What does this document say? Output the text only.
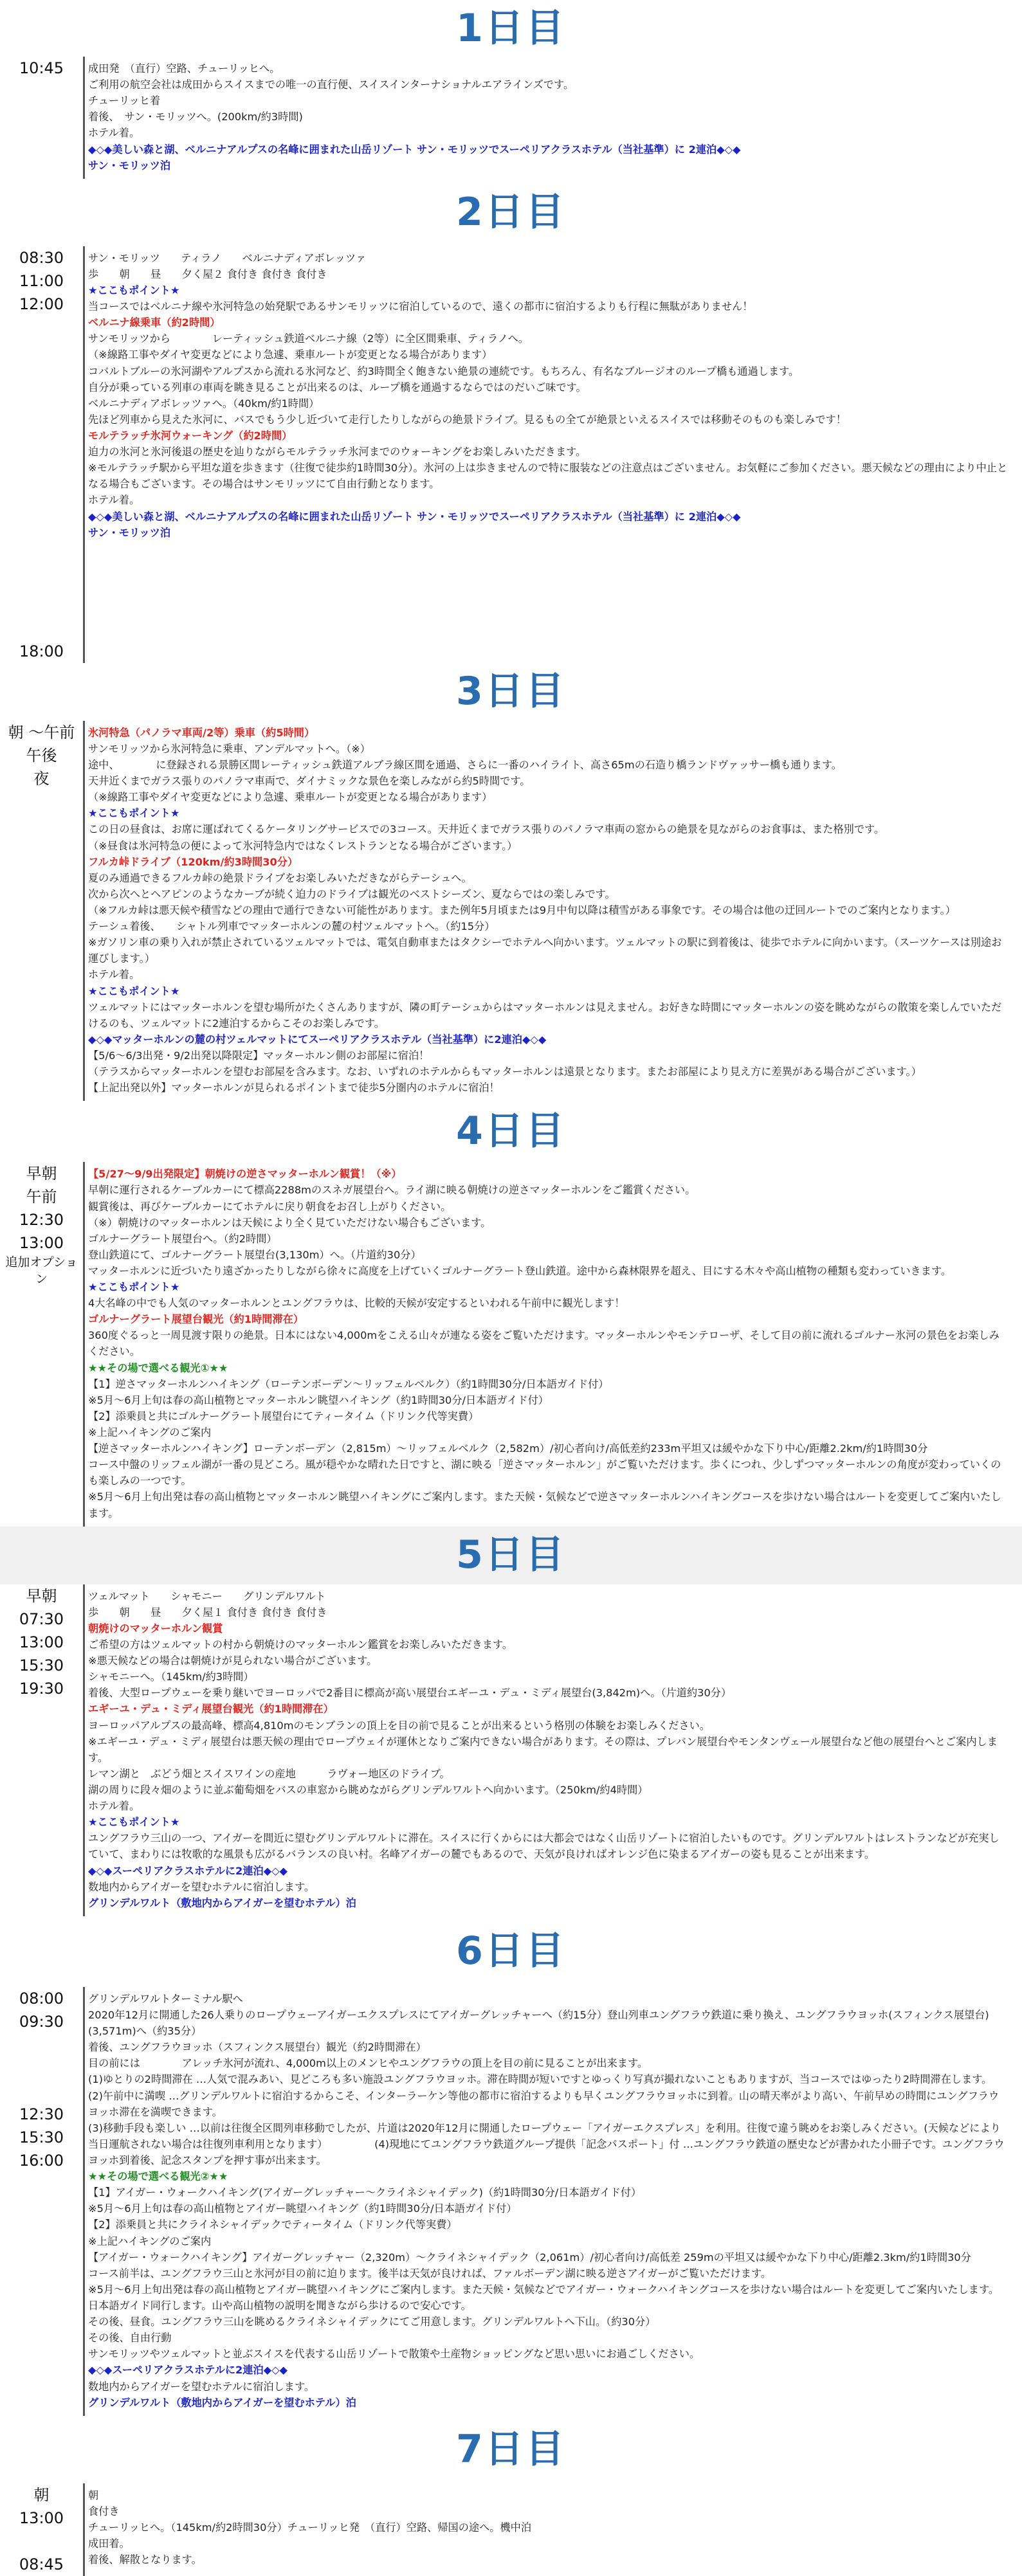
1日目
10:45	成田発　（直行）空路、チューリッヒへ。

ご利用の航空会社は成田からスイスまでの唯一の直行便、スイスインターナショナルエアラインズです。

チューリッヒ着

着後、　サン・モリッツへ。(200km/約3時間)

ホテル着。

◆◇◆美しい森と湖、ベルニナアルプスの名峰に囲まれた山岳リゾート サン・モリッツでスーペリアクラスホテル（当社基準）に 2連泊◆◇◆

サン・モリッツ泊

2日目
08:30
11:00
12:00

18:00

サン・モリッツ　　ティラノ　　ベルニナディアボレッツァ

歩　　朝　　昼　　夕く屋２ 食付き 食付き 食付き

★ここもポイント★

当コースではベルニナ線や氷河特急の始発駅であるサンモリッツに宿泊しているので、遠くの都市に宿泊するよりも行程に無駄がありません！

ベルニナ線乗車（約2時間）

サンモリッツから　　　　レーティッシュ鉄道ベルニナ線（2等）に全区間乗車、ティラノへ。

（※線路工事やダイヤ変更などにより急遽、乗車ルートが変更となる場合があります）

コバルトブルーの氷河湖やアルプスから流れる氷河など、約3時間全く飽きない絶景の連続です。もちろん、有名なブルージオのループ橋も通過します。

自分が乗っている列車の車両を眺き見ることが出来るのは、ループ橋を通過するならではのだいご味です。

ベルニナディアボレッツァへ。（40km/約1時間）

先ほど列車から見えた氷河に、バスでもう少し近づいて走行したりしながらの絶景ドライブ。見るもの全てが絶景といえるスイスでは移動そのものも楽しみです！

モルテラッチ氷河ウォーキング（約2時間）

迫力の氷河と氷河後退の歴史を辿りながらモルテラッチ氷河までのウォーキングをお楽しみいただきます。

※モルテラッチ駅から平坦な道を歩きます（往復で徒歩約1時間30分）。氷河の上は歩きませんので特に服装などの注意点はございません。お気軽にご参加ください。悪天候などの理由により中止となる場合もございます。その場合はサンモリッツにて自由行動となります。

ホテル着。

◆◇◆美しい森と湖、ベルニナアルプスの名峰に囲まれた山岳リゾート サン・モリッツでスーペリアクラスホテル（当社基準）に 2連泊◆◇◆

サン・モリッツ泊

3日目
朝 ～午前
午後
夜

氷河特急（パノラマ車両/2等）乗車（約5時間）

サンモリッツから氷河特急に乗車、アンデルマットへ。（※）

途中、　　　　に登録される景勝区間レーティッシュ鉄道アルブラ線区間を通過、さらに一番のハイライト、高さ65mの石造り橋ランドヴァッサー橋も通ります。

天井近くまでガラス張りのパノラマ車両で、ダイナミックな景色を楽しみながら約5時間です。

（※線路工事やダイヤ変更などにより急遽、乗車ルートが変更となる場合があります）

★ここもポイント★

この日の昼食は、お席に運ばれてくるケータリングサービスでの3コース。天井近くまでガラス張りのパノラマ車両の窓からの絶景を見ながらのお食事は、また格別です。

（※昼食は氷河特急の便によって氷河特急内ではなくレストランとなる場合がございます。）

フルカ峠ドライブ（120km/約3時間30分）

夏のみ通過できるフルカ峠の絶景ドライブをお楽しみいただきながらテーシュへ。

次から次へとヘアピンのようなカーブが続く迫力のドライブは観光のベストシーズン、夏ならではの楽しみです。

（※フルカ峠は悪天候や積雪などの理由で通行できない可能性があります。また例年5月頃または9月中旬以降は積雪がある事象です。その場合は他の迂回ルートでのご案内となります。）

テーシュ着後、　　シャトル列車でマッターホルンの麓の村ツェルマットへ。（約15分）

※ガソリン車の乗り入れが禁止されているツェルマットでは、電気自動車またはタクシーでホテルへ向かいます。ツェルマットの駅に到着後は、徒歩でホテルに向かいます。（スーツケースは別途お運びします。）

ホテル着。

★ここもポイント★

ツェルマットにはマッターホルンを望む場所がたくさんありますが、隣の町テーシュからはマッターホルンは見えません。お好きな時間にマッターホルンの姿を眺めながらの散策を楽しんでいただけるのも、ツェルマットに2連泊するからこそのお楽しみです。

◆◇◆マッターホルンの麓の村ツェルマットにてスーペリアクラスホテル（当社基準）に2連泊◆◇◆

【5/6～6/3出発・9/2出発以降限定】マッターホルン側のお部屋に宿泊！

（テラスからマッターホルンを望むお部屋を含みます。なお、いずれのホテルからもマッターホルンは遠景となります。またお部屋により見え方に差異がある場合がございます。）

【上記出発以外】マッターホルンが見られるポイントまで徒歩5分圏内のホテルに宿泊！

4日目
早朝
午前
12:30
13:00
追加オプション

【5/27～9/9出発限定】朝焼けの逆さマッターホルン観賞！（※）

早朝に運行されるケーブルカーにて標高2288mのスネガ展望台へ。ライ湖に映る朝焼けの逆さマッターホルンをご鑑賞ください。

観賞後は、再びケーブルカーにてホテルに戻り朝食をお召し上がりください。

（※）朝焼けのマッターホルンは天候により全く見ていただけない場合もございます。

ゴルナーグラート展望台へ。（約2時間）

登山鉄道にて、ゴルナーグラート展望台(3,130m）へ。（片道約30分）

マッターホルンに近づいたり遠ざかったりしながら徐々に高度を上げていくゴルナーグラート登山鉄道。途中から森林限界を超え、目にする木々や高山植物の種類も変わっていきます。

★ここもポイント★

4大名峰の中でも人気のマッターホルンとユングフラウは、比較的天候が安定するといわれる午前中に観光します！

ゴルナーグラート展望台観光（約1時間滞在）

360度ぐるっと一周見渡す限りの絶景。日本にはない4,000mをこえる山々が連なる姿をご覧いただけます。マッターホルンやモンテローザ、そして目の前に流れるゴルナー氷河の景色をお楽しみください。

★★その場で選べる観光①★★

【1】逆さマッターホルンハイキング（ローテンボーデン～リッフェルベルク）（約1時間30分/日本語ガイド付）

※5月～6月上旬は春の高山植物とマッターホルン眺望ハイキング（約1時間30分/日本語ガイド付）

【2】添乗員と共にゴルナーグラート展望台にてティータイム（ドリンク代等実費）

※上記ハイキングのご案内

【逆さマッターホルンハイキング】ローテンボーデン（2,815m）～リッフェルベルク（2,582m）/初心者向け/高低差約233m平坦又は緩やかな下り中心/距離2.2km/約1時間30分

コース中盤のリッフェル湖が一番の見どころ。風が穏やかな晴れた日ですと、湖に映る「逆さマッターホルン」がご覧いただけます。歩くにつれ、少しずつマッターホルンの角度が変わっていくのも楽しみの一つです。

※5月～6月上旬出発は春の高山植物とマッターホルン眺望ハイキングにご案内します。また天候・気候などで逆さマッターホルンハイキングコースを歩けない場合はルートを変更してご案内いたします。

5日目
早朝
07:30
13:00
15:30
19:30

ツェルマット　　シャモニー　　グリンデルワルト

歩　　朝　　昼　　夕く屋１ 食付き 食付き 食付き

朝焼けのマッターホルン観賞

ご希望の方はツェルマットの村から朝焼けのマッターホルン鑑賞をお楽しみいただきます。

※悪天候などの場合は朝焼けが見られない場合がございます。

シャモニーへ。（145km/約3時間）

着後、大型ロープウェーを乗り継いでヨーロッパで2番目に標高が高い展望台エギーユ・デュ・ミディ展望台(3,842m)へ。（片道約30分）

エギーユ・デュ・ミディ展望台観光（約1時間滞在）

ヨーロッパアルプスの最高峰、標高4,810mのモンブランの頂上を目の前で見ることが出来るという格別の体験をお楽しみください。

※エギーユ・デュ・ミディ展望台は悪天候の理由でロープウェイが運休となりご案内できない場合があります。その際は、プレバン展望台やモンタンヴェール展望台など他の展望台へとご案内します。

レマン湖と　ぶどう畑とスイスワインの産地　　　ラヴォー地区のドライブ。

湖の周りに段々畑のように並ぶ葡萄畑をバスの車窓から眺めながらグリンデルワルトへ向かいます。（250km/約4時間）

ホテル着。

★ここもポイント★

ユングフラウ三山の一つ、アイガーを間近に望むグリンデルワルトに滞在。スイスに行くからには大都会ではなく山岳リゾートに宿泊したいものです。グリンデルワルトはレストランなどが充実していて、まわりには牧歌的な風景も広がるバランスの良い村。名峰アイガーの麓でもあるので、天気が良ければオレンジ色に染まるアイガーの姿も見ることが出来ます。

◆◇◆スーペリアクラスホテルに2連泊◆◇◆

数地内からアイガーを望むホテルに宿泊します。

グリンデルワルト（敷地内からアイガーを望むホテル）泊

6日目
08:00
09:30

12:30
15:30
16:00

グリンデルワルトターミナル駅へ

2020年12月に開通した26人乗りのロープウェーアイガーエクスプレスにてアイガーグレッチャーへ（約15分）登山列車ユングフラウ鉄道に乗り換え、ユングフラウヨッホ(スフィンクス展望台)(3,571m)へ（約35分）

着後、ユングフラウヨッホ（スフィンクス展望台）観光（約2時間滞在）

目の前には　　　　アレッチ氷河が流れ、4,000m以上のメンヒやユングフラウの頂上を目の前に見ることが出来ます。

(1)ゆとりの2時間滞在 …人気で混みあい、見どころも多い施設ユングフラウヨッホ。滞在時間が短いですとゆっくり写真が撮れないこともありますが、当コースではゆったり2時間滞在します。

(2)午前中に満喫 …グリンデルワルトに宿泊するからこそ、インターラーケン等他の都市に宿泊するよりも早くユングフラウヨッホに到着。山の晴天率がより高い、午前早めの時間にユングフラウヨッホ滞在を満喫できます。

(3)移動手段も楽しい …以前は往復全区間列車移動でしたが、片道は2020年12月に開通したロープウェー「アイガーエクスプレス」を利用。往復で違う眺めをお楽しみください。(天候などにより当日運航されない場合は往復列車利用となります）　　　　　(4)現地にてユングフラウ鉄道グループ提供「記念パスポート」付 …ユングフラウ鉄道の歴史などが書かれた小冊子です。ユングフラウヨッホ到着後、記念スタンプを押す事が出来ます。

★★その場で選べる観光②★★

【1】アイガー・ウォークハイキング(アイガーグレッチャー～クライネシャイデック)（約1時間30分/日本語ガイド付）

※5月～6月上旬は春の高山植物とアイガー眺望ハイキング（約1時間30分/日本語ガイド付）

【2】添乗員と共にクライネシャイデックでティータイム（ドリンク代等実費）

※上記ハイキングのご案内

【アイガー・ウォークハイキング】アイガーグレッチャー（2,320m）～クライネシャイデック（2,061m）/初心者向け/高低差 259mの平坦又は緩やかな下り中心/距離2.3km/約1時間30分

コース前半は、ユングフラウ三山と氷河が目の前に迫ります。後半は天気が良ければ、ファルボーデン湖に映る逆さアイガーがご覧いただけます。

※5月～6月上旬出発は春の高山植物とアイガー眺望ハイキングにご案内します。また天候・気候などでアイガー・ウォークハイキングコースを歩けない場合はルートを変更してご案内いたします。

日本語ガイド同行します。山や高山植物の説明を聞きながら歩けるので安心です。

その後、昼食。ユングフラウ三山を眺めるクライネシャイデックにてご用意します。グリンデルワルトへ下山。（約30分）

その後、自由行動

サンモリッツやツェルマットと並ぶスイスを代表する山岳リゾートで散策や土産物ショッピングなど思い思いにお過ごしください。

◆◇◆スーペリアクラスホテルに2連泊◆◇◆

数地内からアイガーを望むホテルに宿泊します。

グリンデルワルト（敷地内からアイガーを望むホテル）泊

7日目
朝
13:00

08:45

朝

食付き

チューリッヒへ。（145km/約2時間30分）チューリッヒ発　（直行）空路、帰国の途へ。機中泊

成田着。

着後、解散となります。
